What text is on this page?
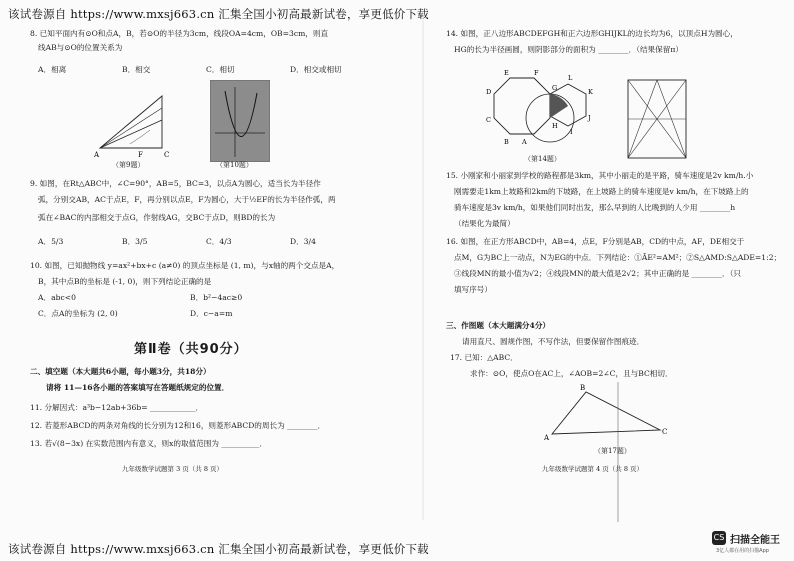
该试卷源自 https://www.mxsj663.cn 汇集全国小初高最新试卷，享更低价下载
该试卷源自 https://www.mxsj663.cn 汇集全国小初高最新试卷，享更低价下载
8. 已知平面内有⊙O和点A，B，若⊙O的半径为3cm，线段OA=4cm，OB=3cm，则直
线AB与⊙O的位置关系为
A．相离	B．相交	C．相切	D．相交或相切
A	F	C
（第9题）	（第10题）
9. 如图，在Rt△ABC中，∠C=90°，AB=5，BC=3，以点A为圆心，适当长为半径作
弧，分别交AB，AC于点E，F，再分别以点E，F为圆心，大于½EF的长为半径作弧，两
弧在∠BAC的内部相交于点G，作射线AG，交BC于点D，则BD的长为
A．5/3	B．3/5	C．4/3	D．3/4
10. 如图，已知抛物线 y=ax²+bx+c (a≠0) 的顶点坐标是 (1, m)，与x轴的两个交点是A，
B，其中点B的坐标是 (-1, 0)，则下列结论正确的是
A．abc<0	B．b²−4ac≥0
C．点A的坐标为 (2, 0)	D．c−a=m
第Ⅱ卷（共90分）
二、填空题（本大题共6小题，每小题3分，共18分）
请将 11—16各小题的答案填写在答题纸规定的位置．
11. 分解因式：a³b−12ab+36b= ____________．
12. 若菱形ABCD的两条对角线的长分别为12和16，则菱形ABCD的周长为 ________．
13. 若√(8−3x) 在实数范围内有意义，则x的取值范围为 __________．
九年级数学试题第 3 页（共 8 页）
14. 如图，正八边形ABCDEFGH和正六边形GHIJKL的边长均为6，以顶点H为圆心，
HG的长为半径画圆，则阴影部分的面积为 ________．（结果保留π）
A
B
C
D
E	F
G
H
I
J
K
L
（第14题）
15. 小刚家和小丽家到学校的路程都是3km，其中小丽走的是平路，骑车速度是2v km/h.小
刚需要走1km上坡路和2km的下坡路，在上坡路上的骑车速度是v km/h，在下坡路上的
骑车速度是3v km/h，如果他们同时出发，那么早到的人比晚到的人少用 ________h
（结果化为最简）
16. 如图，在正方形ABCD中，AB=4，点E，F分别是AB，CD的中点，AF，DE相交于
点M，G为BC上一动点，N为EG的中点．下列结论：①ĀE²=AM²；②S△AMD:S△ADE=1:2；
③线段MN的最小值为√2；④线段MN的最大值是2√2；其中正确的是 ________．（只
填写序号）
三、作图题（本大题满分4分）
请用直尺、圆规作图，不写作法，但要保留作图痕迹．
17. 已知：△ABC．
求作：⊙O，使点O在AC上，∠AOB=2∠C，且与BC相切．
A
B
C
（第17题）
九年级数学试题第 4 页（共 8 页）
CS 扫描全能王
3亿人都在用的扫描App
